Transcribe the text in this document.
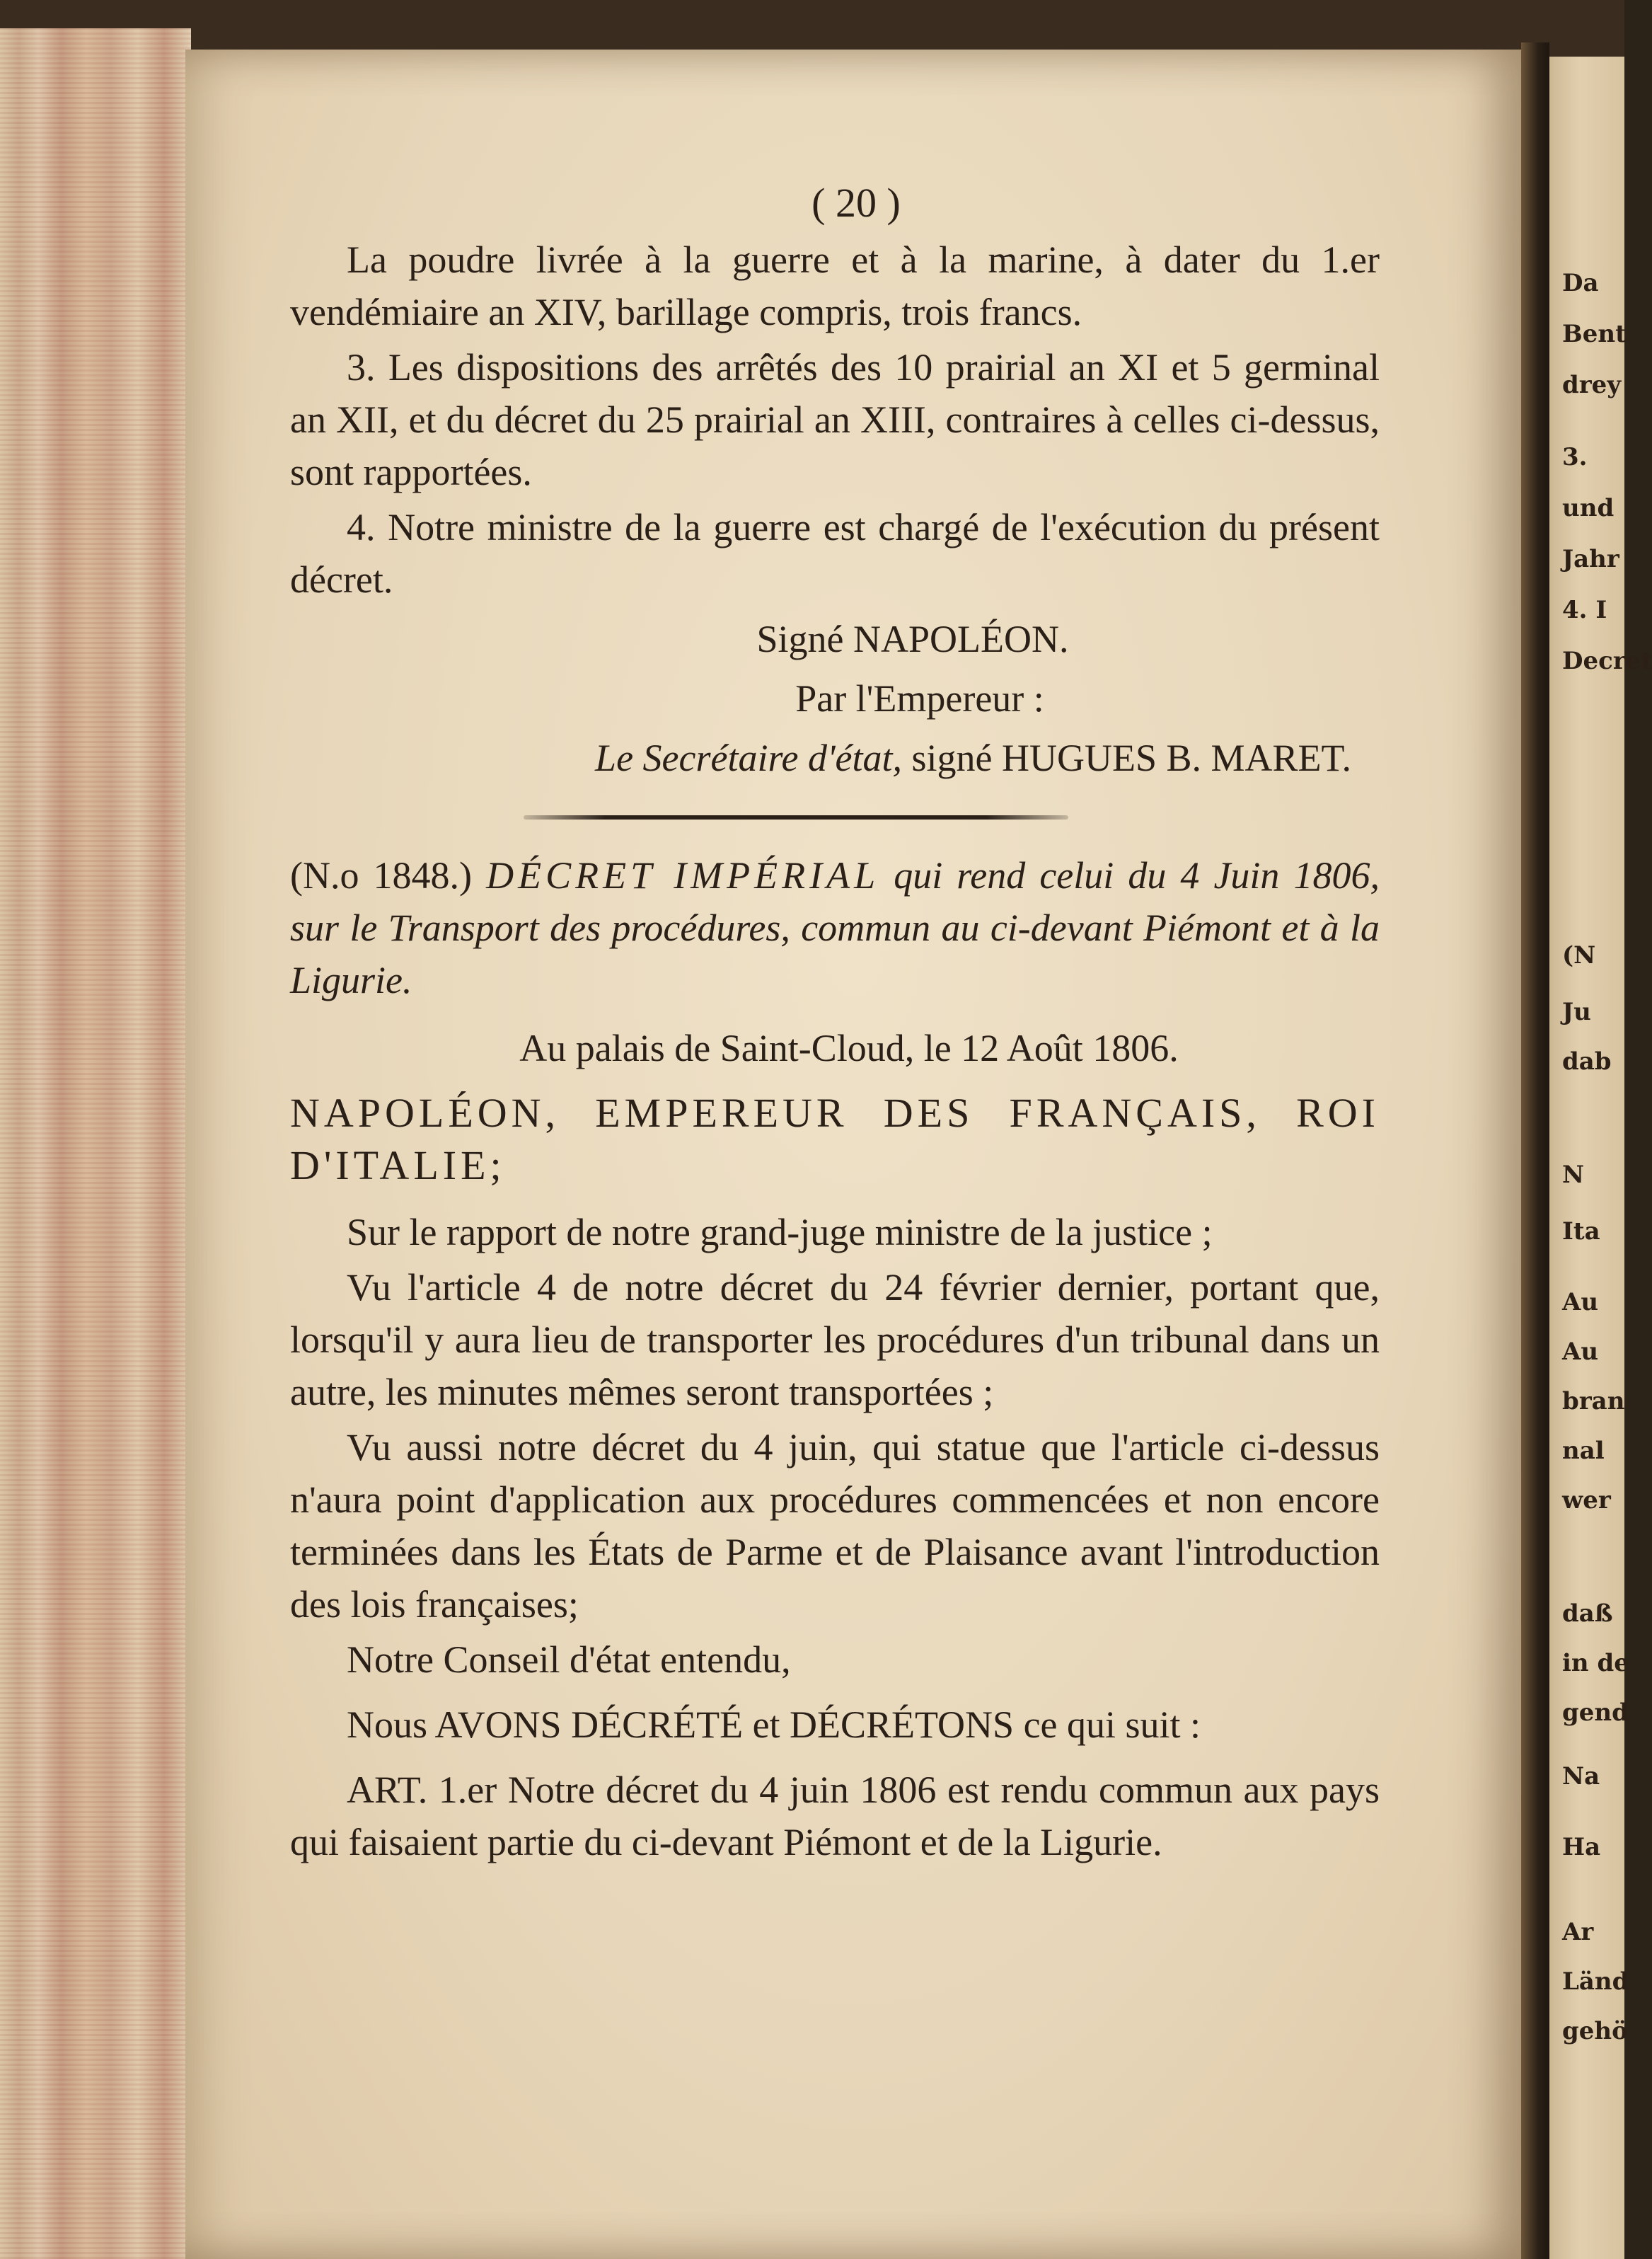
Da
Bent
drey
3.
und
Jahr
4. I
Decret
(N
Ju
dab
N
Ita
Au
Au
bran
nal
wer
daß
in de
gend
Na
Ha
Ar
Länd
gehö
( 20 )

La poudre livrée à la guerre et à la marine, à dater du 1.er vendémiaire an XIV, barillage compris, trois francs.

3. Les dispositions des arrêtés des 10 prairial an XI et 5 germinal an XII, et du décret du 25 prairial an XIII, contraires à celles ci-dessus, sont rapportées.

4. Notre ministre de la guerre est chargé de l'exécution du présent décret.

Signé NAPOLÉON.
Par l'Empereur :
Le Secrétaire d'état, signé HUGUES B. MARET.

(N.o 1848.) DÉCRET IMPÉRIAL qui rend celui du 4 Juin 1806, sur le Transport des procédures, commun au ci-devant Piémont et à la Ligurie.

Au palais de Saint-Cloud, le 12 Août 1806.

NAPOLÉON, EMPEREUR DES FRANÇAIS, ROI D'ITALIE;

Sur le rapport de notre grand-juge ministre de la justice ;

Vu l'article 4 de notre décret du 24 février dernier, portant que, lorsqu'il y aura lieu de transporter les procédures d'un tribunal dans un autre, les minutes mêmes seront transportées ;

Vu aussi notre décret du 4 juin, qui statue que l'article ci-dessus n'aura point d'application aux procédures commencées et non encore terminées dans les États de Parme et de Plaisance avant l'introduction des lois françaises;

Notre Conseil d'état entendu,

Nous AVONS DÉCRÉTÉ et DÉCRÉTONS ce qui suit :

ART. 1.er Notre décret du 4 juin 1806 est rendu commun aux pays qui faisaient partie du ci-devant Piémont et de la Ligurie.
